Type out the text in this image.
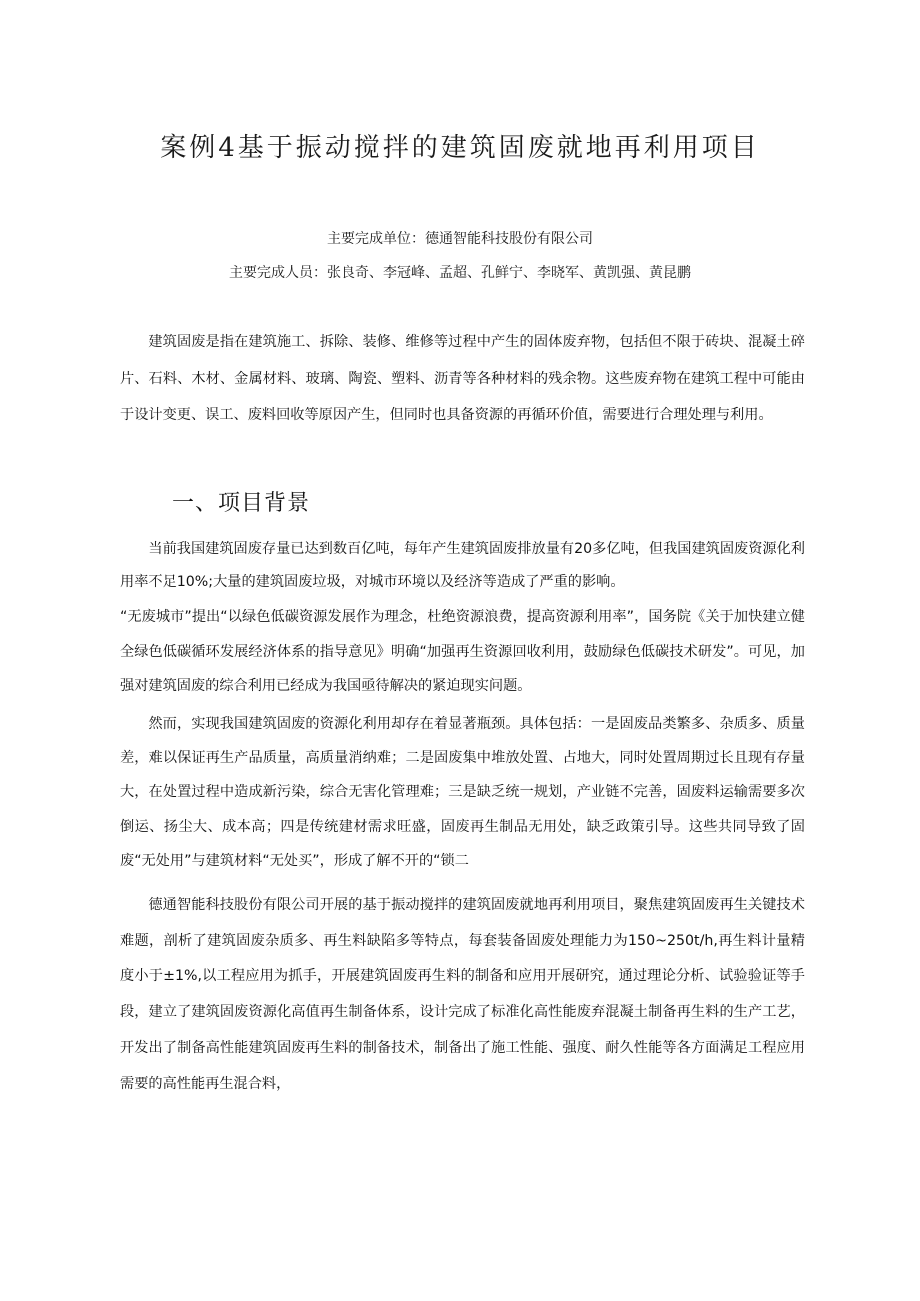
案例4基于振动搅拌的建筑固废就地再利用项目
主要完成单位：德通智能科技股份有限公司
主要完成人员：张良奇、李冠峰、孟超、孔鲜宁、李晓军、黄凯强、黄昆鹏

建筑固废是指在建筑施工、拆除、装修、维修等过程中产生的固体废弃物，包括但不限于砖块、混凝土碎片、石料、木材、金属材料、玻璃、陶瓷、塑料、沥青等各种材料的残余物。这些废弃物在建筑工程中可能由于设计变更、误工、废料回收等原因产生，但同时也具备资源的再循环价值，需要进行合理处理与利用。

一、项目背景

当前我国建筑固废存量已达到数百亿吨，每年产生建筑固废排放量有20多亿吨，但我国建筑固废资源化利用率不足10%;大量的建筑固废垃圾，对城市环境以及经济等造成了严重的影响。

“无废城市”提出“以绿色低碳资源发展作为理念，杜绝资源浪费，提高资源利用率”，国务院《关于加快建立健全绿色低碳循环发展经济体系的指导意见》明确“加强再生资源回收利用，鼓励绿色低碳技术研发”。可见，加强对建筑固废的综合利用已经成为我国亟待解决的紧迫现实问题。

然而，实现我国建筑固废的资源化利用却存在着显著瓶颈。具体包括：一是固废品类繁多、杂质多、质量差，难以保证再生产品质量，高质量消纳难；二是固废集中堆放处置、占地大，同时处置周期过长且现有存量大，在处置过程中造成新污染，综合无害化管理难；三是缺乏统一规划，产业链不完善，固废料运输需要多次倒运、扬尘大、成本高；四是传统建材需求旺盛，固废再生制品无用处，缺乏政策引导。这些共同导致了固废“无处用”与建筑材料“无处买”，形成了解不开的“锁二

德通智能科技股份有限公司开展的基于振动搅拌的建筑固废就地再利用项目，聚焦建筑固废再生关键技术难题，剖析了建筑固废杂质多、再生料缺陷多等特点，每套装备固废处理能力为150~250t/h,再生料计量精度小于±1%,以工程应用为抓手，开展建筑固废再生料的制备和应用开展研究，通过理论分析、试验验证等手段，建立了建筑固废资源化高值再生制备体系，设计完成了标准化高性能废弃混凝土制备再生料的生产工艺，开发出了制备高性能建筑固废再生料的制备技术，制备出了施工性能、强度、耐久性能等各方面满足工程应用需要的高性能再生混合料，
